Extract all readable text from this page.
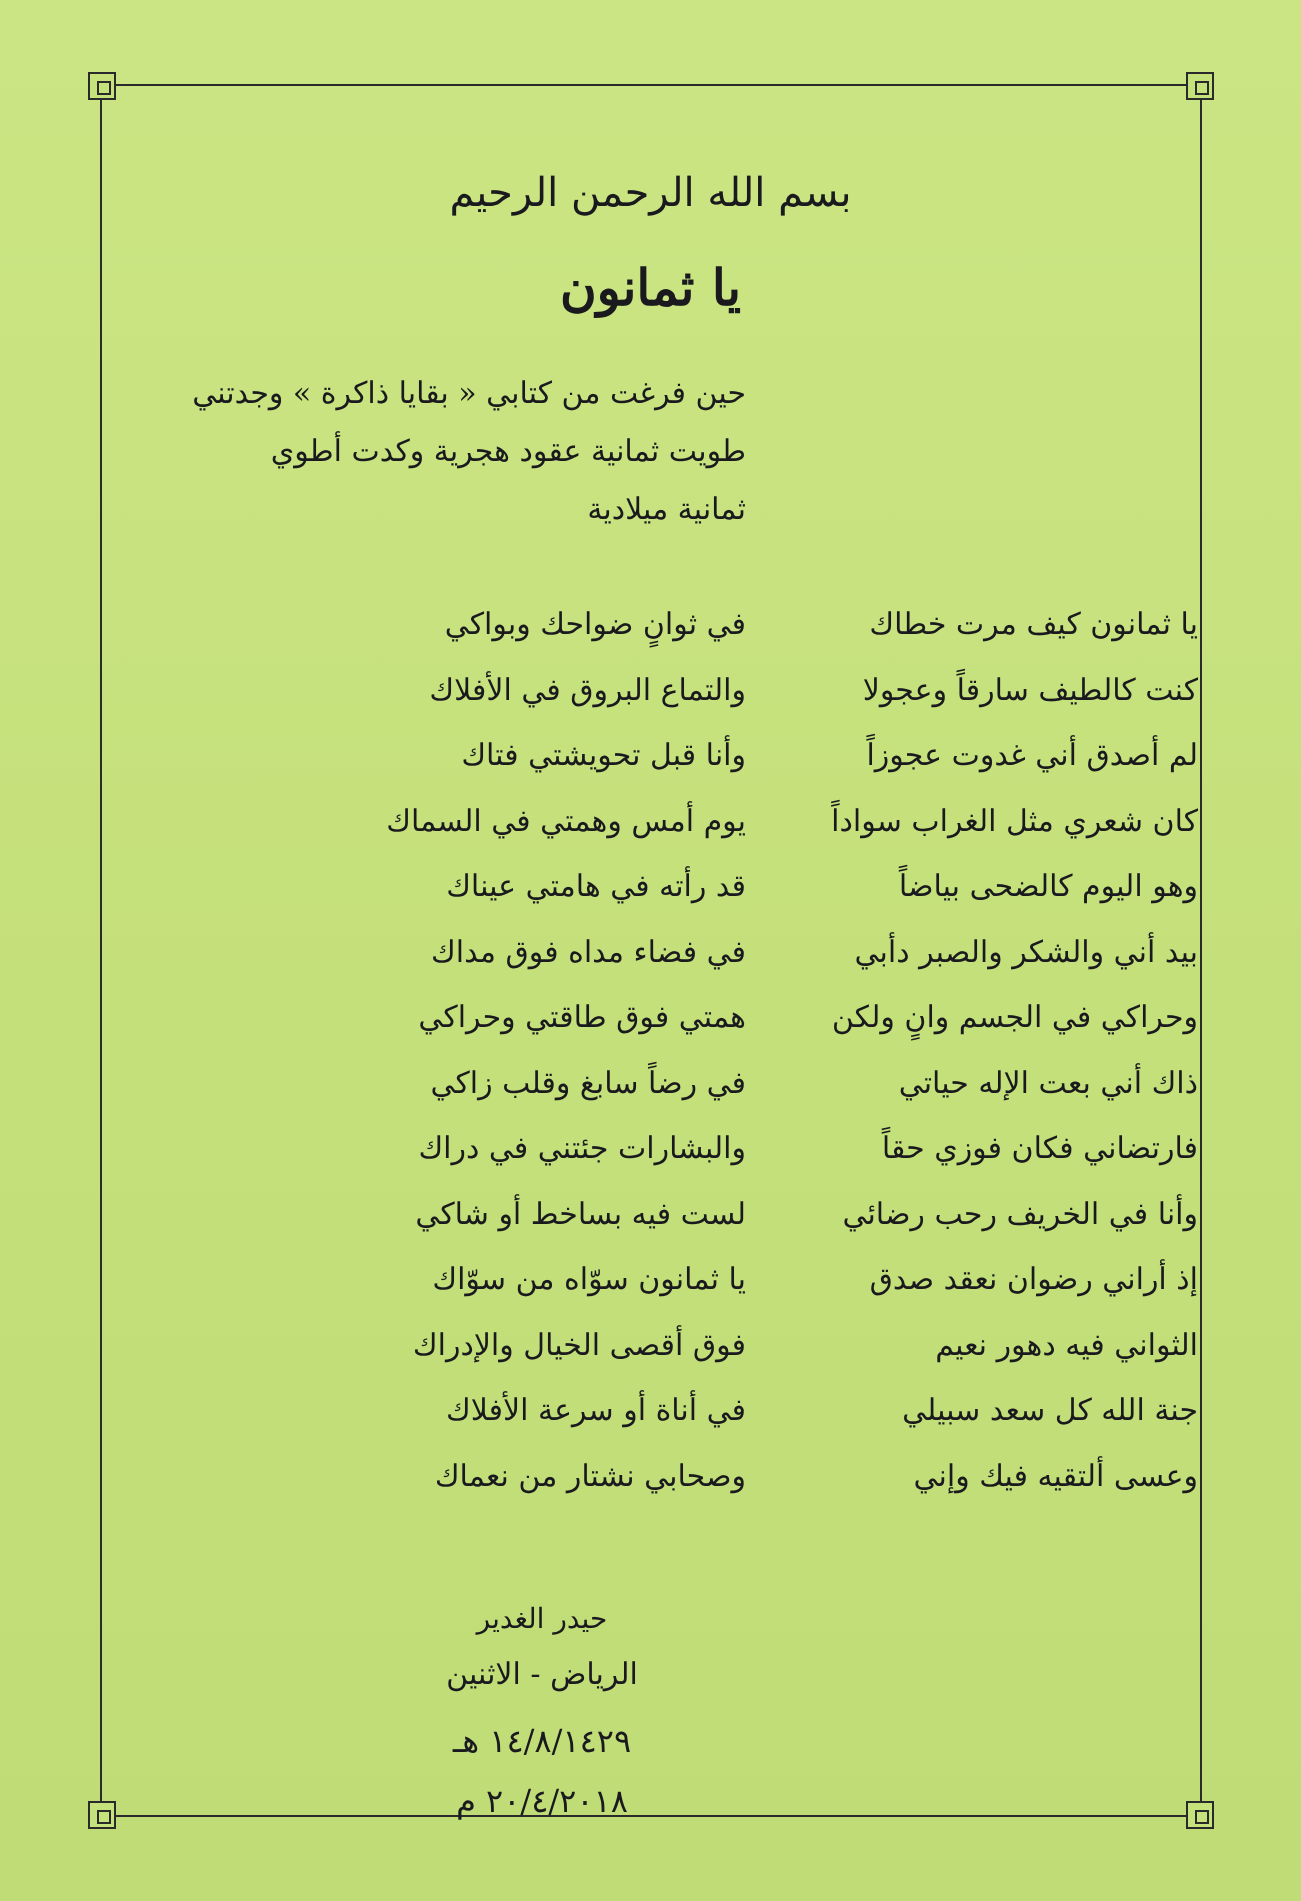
بسم الله الرحمن الرحيم
يا ثمانون
حين فرغت من كتابي « بقايا ذاكرة » وجدتني
طويت ثمانية عقود هجرية وكدت أطوي
ثمانية ميلادية
يا ثمانون كيف مرت خطاك
كنت كالطيف سارقاً وعجولا
لم أصدق أني غدوت عجوزاً
كان شعري مثل الغراب سواداً
وهو اليوم كالضحى بياضاً
بيد أني والشكر والصبر دأبي
وحراكي في الجسم وانٍ ولكن
ذاك أني بعت الإله حياتي
فارتضاني فكان فوزي حقاً
وأنا في الخريف رحب رضائي
إذ أراني رضوان نعقد صدق
الثواني فيه دهور نعيم
جنة الله كل سعد سبيلي
وعسى ألتقيه فيك وإني
في ثوانٍ ضواحك وبواكي
والتماع البروق في الأفلاك
وأنا قبل تحويشتي فتاك
يوم أمس وهمتي في السماك
قد رأته في هامتي عيناك
في فضاء مداه فوق مداك
همتي فوق طاقتي وحراكي
في رضاً سابغ وقلب زاكي
والبشارات جئتني في دراك
لست فيه بساخط أو شاكي
يا ثمانون سوّاه من سوّاك
فوق أقصى الخيال والإدراك
في أناة أو سرعة الأفلاك
وصحابي نشتار من نعماك
حيدر الغدير
الرياض - الاثنين
١٤/٨/١٤٢٩ هـ
٢٠/٤/٢٠١٨ م
